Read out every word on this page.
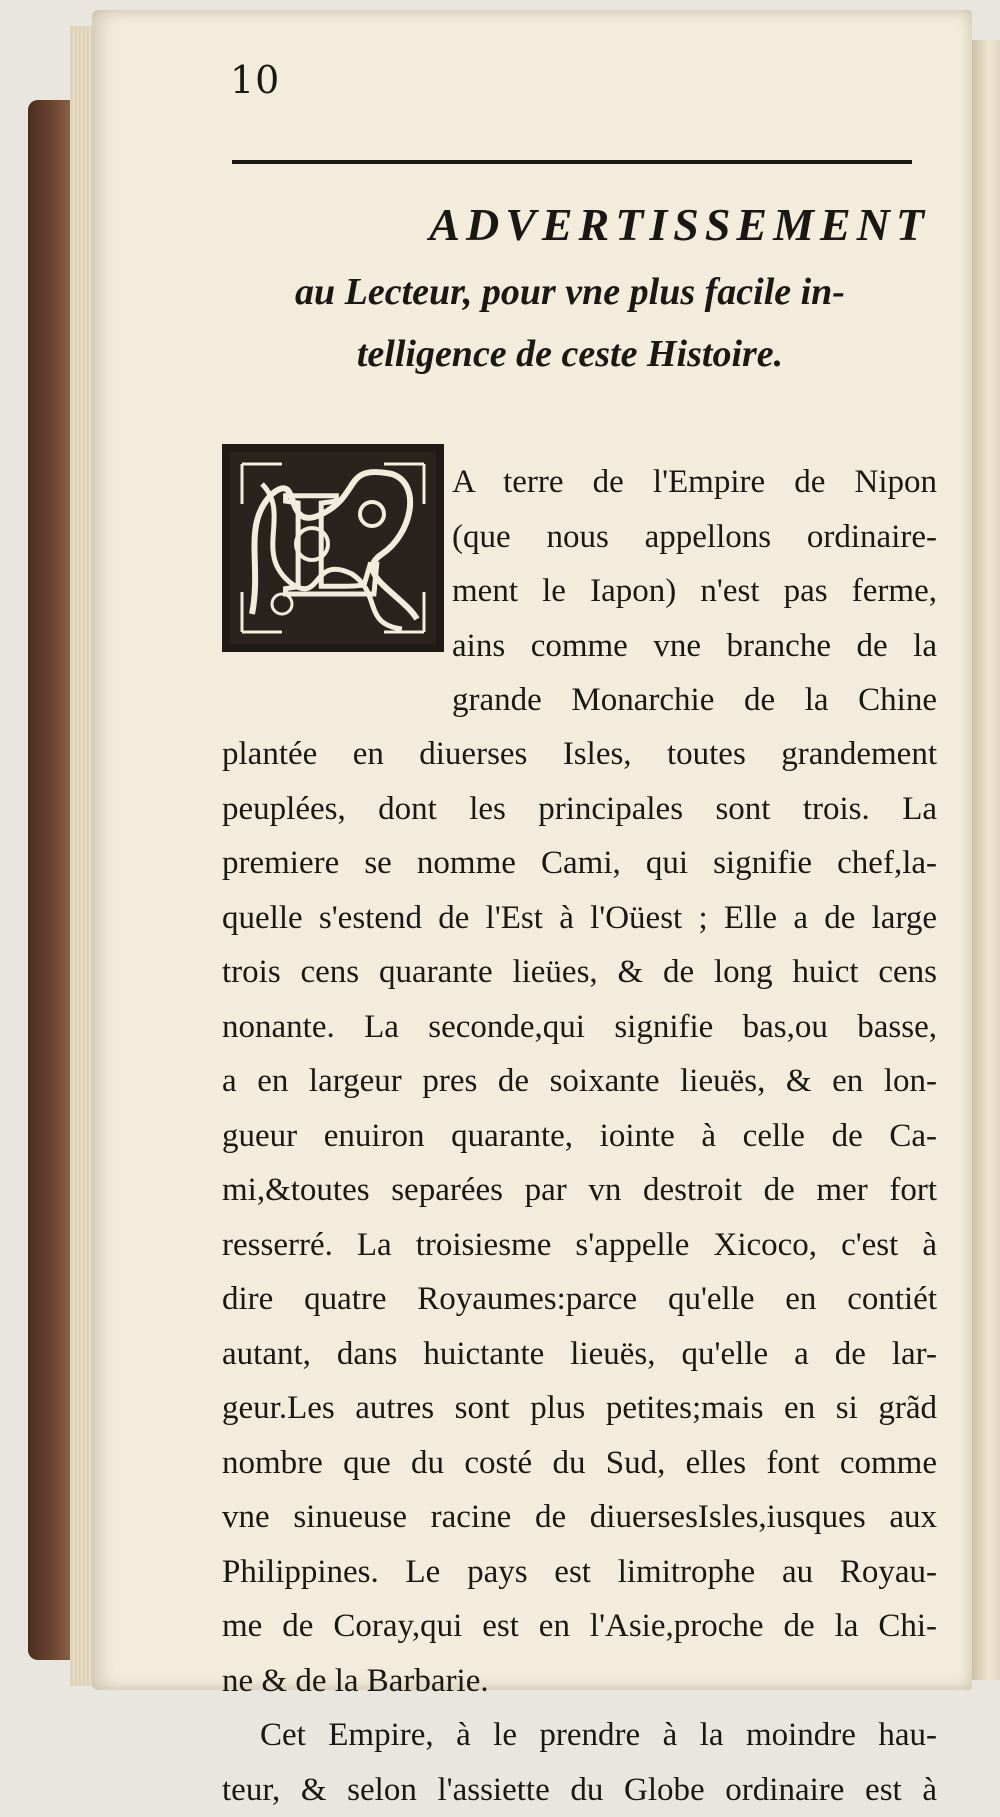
10
ADVERTISSEMENT
au Lecteur, pour vne plus facile in-
telligence de ceste Histoire.
L A terre de l'Empire de Nipon
(que nous appellons ordinaire-
ment le Iapon) n'est pas ferme,
ains comme vne branche de la
grande Monarchie de la Chine
plantée en diuerses Isles, toutes grandement
peuplées, dont les principales sont trois. La
premiere se nomme Cami, qui signifie chef,la-
quelle s'estend de l'Est à l'Oüest ; Elle a de large
trois cens quarante lieües, & de long huict cens
nonante. La seconde,qui signifie bas,ou basse,
a en largeur pres de soixante lieuës, & en lon-
gueur enuiron quarante, iointe à celle de Ca-
mi,&toutes separées par vn destroit de mer fort
resserré. La troisiesme s'appelle Xicoco, c'est à
dire quatre Royaumes:parce qu'elle en contiét
autant, dans huictante lieuës, qu'elle a de lar-
geur.Les autres sont plus petites;mais en si grãd
nombre que du costé du Sud, elles font comme
vne sinueuse racine de diuersesIsles,iusques aux
Philippines. Le pays est limitrophe au Royau-
me de Coray,qui est en l'Asie,proche de la Chi-
ne & de la Barbarie.
Cet Empire, à le prendre à la moindre hau-
teur, & selon l'assiette du Globe ordinaire est à
